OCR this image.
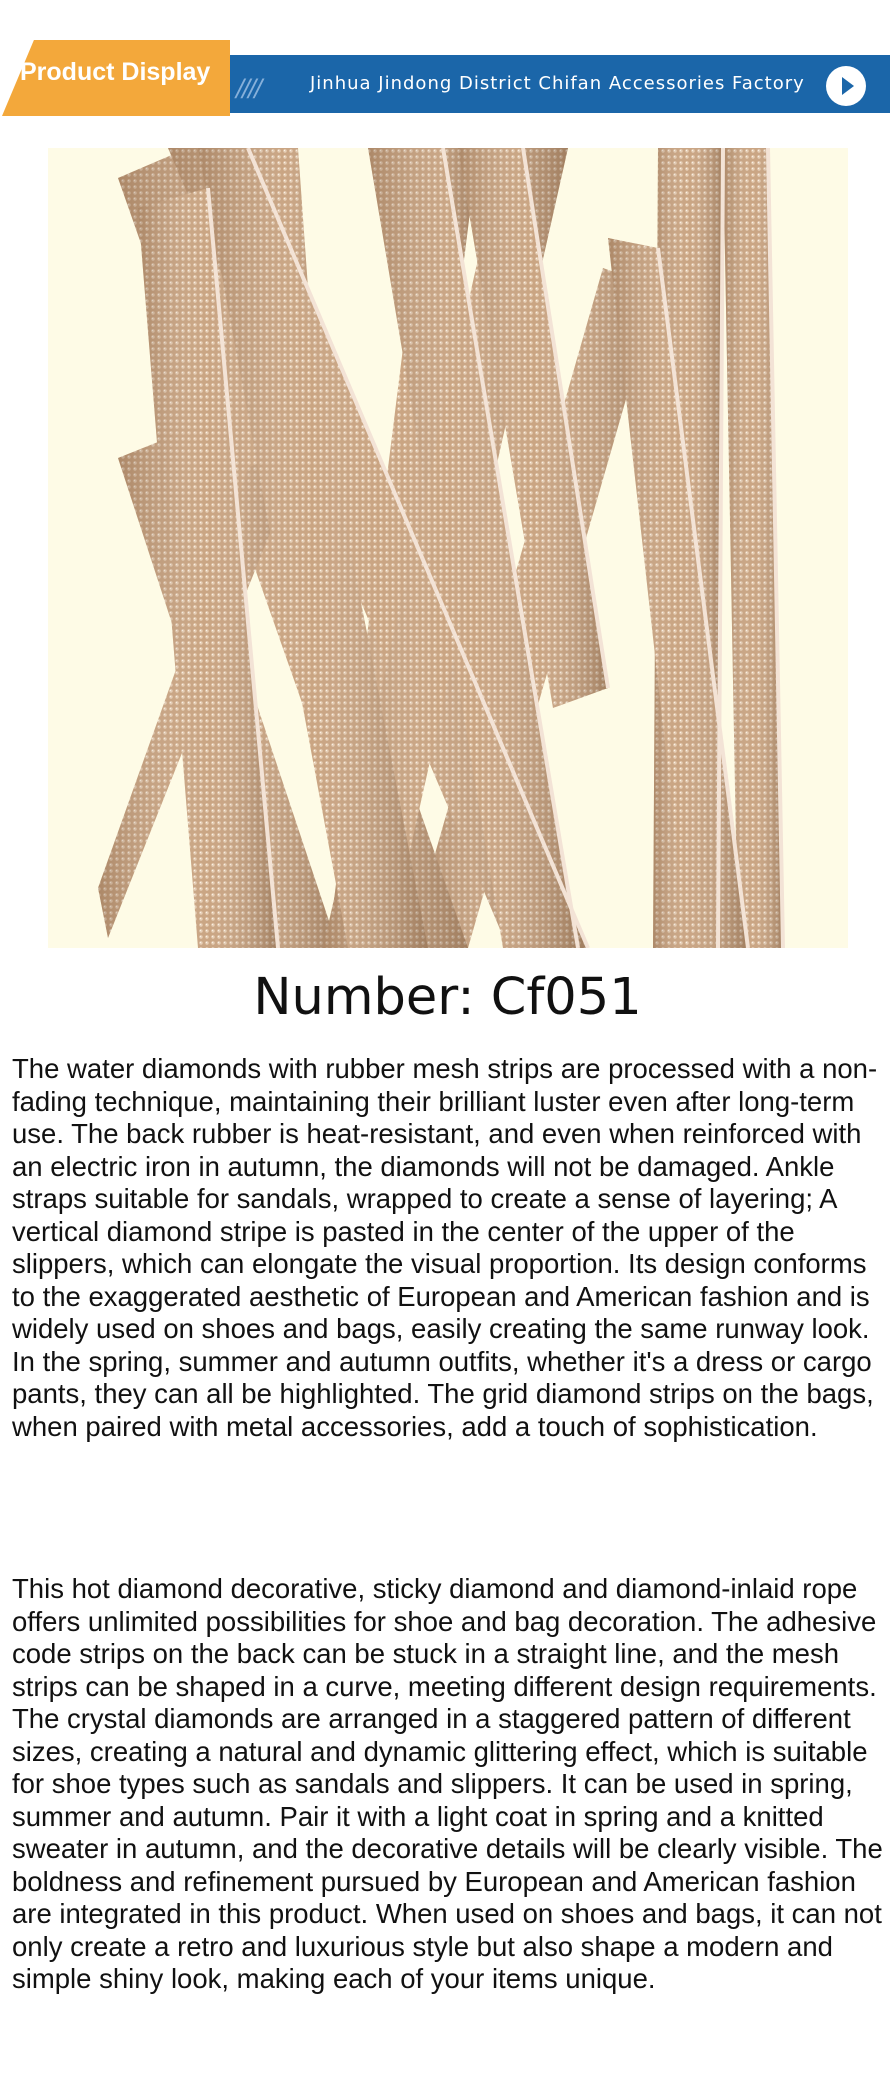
Product Display
////	Jinhua Jindong District Chifan Accessories Factory
Number: Cf051

The water diamonds with rubber mesh strips are processed with a non-fading technique, maintaining their brilliant luster even after long-term use. The back rubber is heat-resistant, and even when reinforced with an electric iron in autumn, the diamonds will not be damaged. Ankle straps suitable for sandals, wrapped to create a sense of layering; A vertical diamond stripe is pasted in the center of the upper of the slippers, which can elongate the visual proportion. Its design conforms to the exaggerated aesthetic of European and American fashion and is widely used on shoes and bags, easily creating the same runway look. In the spring, summer and autumn outfits, whether it's a dress or cargo pants, they can all be highlighted. The grid diamond strips on the bags, when paired with metal accessories, add a touch of sophistication.

This hot diamond decorative, sticky diamond and diamond-inlaid rope offers unlimited possibilities for shoe and bag decoration. The adhesive code strips on the back can be stuck in a straight line, and the mesh strips can be shaped in a curve, meeting different design requirements. The crystal diamonds are arranged in a staggered pattern of different sizes, creating a natural and dynamic glittering effect, which is suitable for shoe types such as sandals and slippers. It can be used in spring, summer and autumn. Pair it with a light coat in spring and a knitted sweater in autumn, and the decorative details will be clearly visible. The boldness and refinement pursued by European and American fashion are integrated in this product. When used on shoes and bags, it can not only create a retro and luxurious style but also shape a modern and simple shiny look, making each of your items unique.
